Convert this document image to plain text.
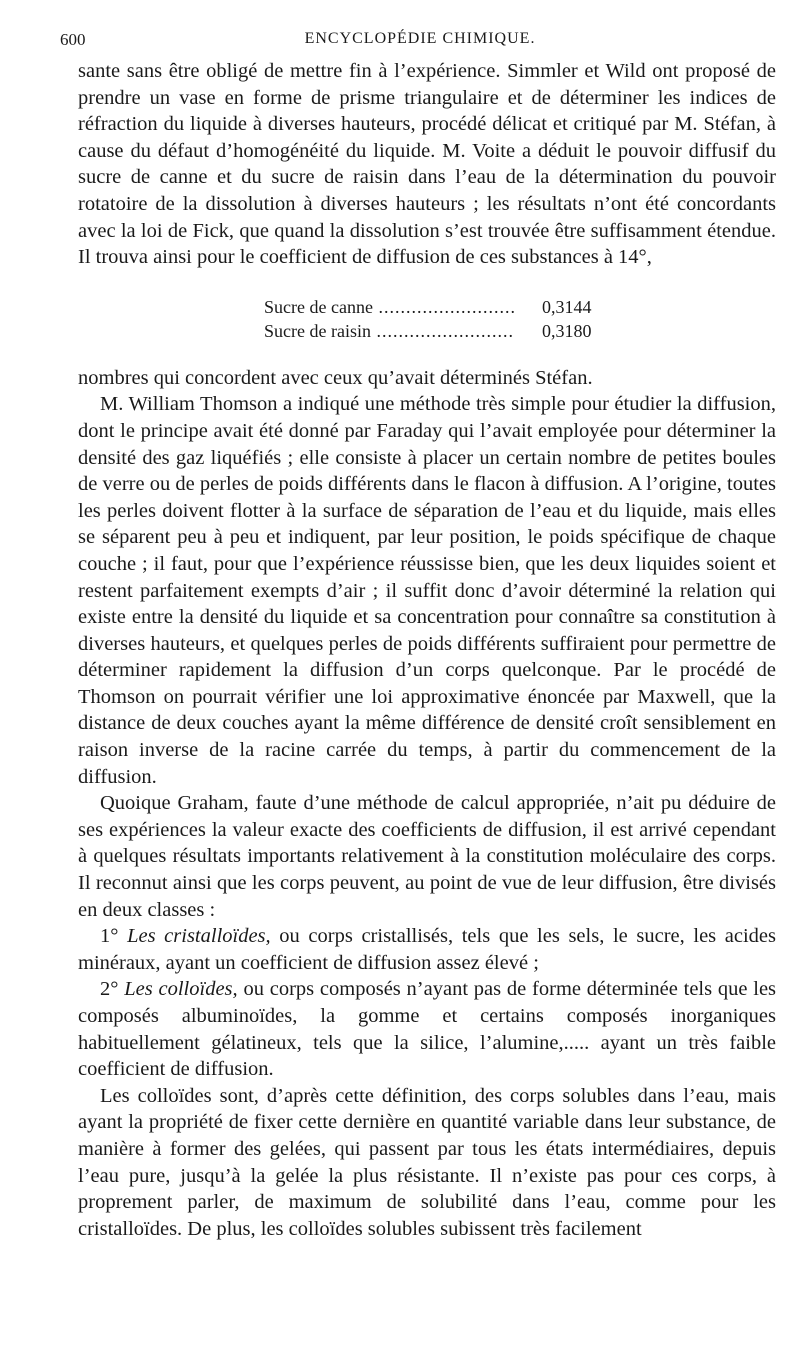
600	ENCYCLOPÉDIE CHIMIQUE.

sante sans être obligé de mettre fin à l’expérience. Simmler et Wild ont proposé de prendre un vase en forme de prisme triangulaire et de déterminer les indices de réfraction du liquide à diverses hauteurs, procédé délicat et critiqué par M. Stéfan, à cause du défaut d’homogénéité du liquide. M. Voite a déduit le pouvoir diffusif du sucre de canne et du sucre de raisin dans l’eau de la détermination du pouvoir rotatoire de la dissolution à diverses hauteurs ; les résultats n’ont été concordants avec la loi de Fick, que quand la dissolution s’est trouvée être suffisamment étendue. Il trouva ainsi pour le coefficient de diffusion de ces substances à 14°,

Sucre de canne .....	0,3144
Sucre de raisin .....	0,3180

nombres qui concordent avec ceux qu’avait déterminés Stéfan.

M. William Thomson a indiqué une méthode très simple pour étudier la diffusion, dont le principe avait été donné par Faraday qui l’avait employée pour déterminer la densité des gaz liquéfiés ; elle consiste à placer un certain nombre de petites boules de verre ou de perles de poids différents dans le flacon à diffusion. A l’origine, toutes les perles doivent flotter à la surface de séparation de l’eau et du liquide, mais elles se séparent peu à peu et indiquent, par leur position, le poids spécifique de chaque couche ; il faut, pour que l’expérience réussisse bien, que les deux liquides soient et restent parfaitement exempts d’air ; il suffit donc d’avoir déterminé la relation qui existe entre la densité du liquide et sa concentration pour connaître sa constitution à diverses hauteurs, et quelques perles de poids différents suffiraient pour permettre de déterminer rapidement la diffusion d’un corps quelconque. Par le procédé de Thomson on pourrait vérifier une loi approximative énoncée par Maxwell, que la distance de deux couches ayant la même différence de densité croît sensiblement en raison inverse de la racine carrée du temps, à partir du commencement de la diffusion.

Quoique Graham, faute d’une méthode de calcul appropriée, n’ait pu déduire de ses expériences la valeur exacte des coefficients de diffusion, il est arrivé cependant à quelques résultats importants relativement à la constitution moléculaire des corps. Il reconnut ainsi que les corps peuvent, au point de vue de leur diffusion, être divisés en deux classes :

1° Les cristalloïdes, ou corps cristallisés, tels que les sels, le sucre, les acides minéraux, ayant un coefficient de diffusion assez élevé ;

2° Les colloïdes, ou corps composés n’ayant pas de forme déterminée tels que les composés albuminoïdes, la gomme et certains composés inorganiques habituellement gélatineux, tels que la silice, l’alumine,..... ayant un très faible coefficient de diffusion.

Les colloïdes sont, d’après cette définition, des corps solubles dans l’eau, mais ayant la propriété de fixer cette dernière en quantité variable dans leur substance, de manière à former des gelées, qui passent par tous les états intermédiaires, depuis l’eau pure, jusqu’à la gelée la plus résistante. Il n’existe pas pour ces corps, à proprement parler, de maximum de solubilité dans l’eau, comme pour les cristalloïdes. De plus, les colloïdes solubles subissent très facilement
